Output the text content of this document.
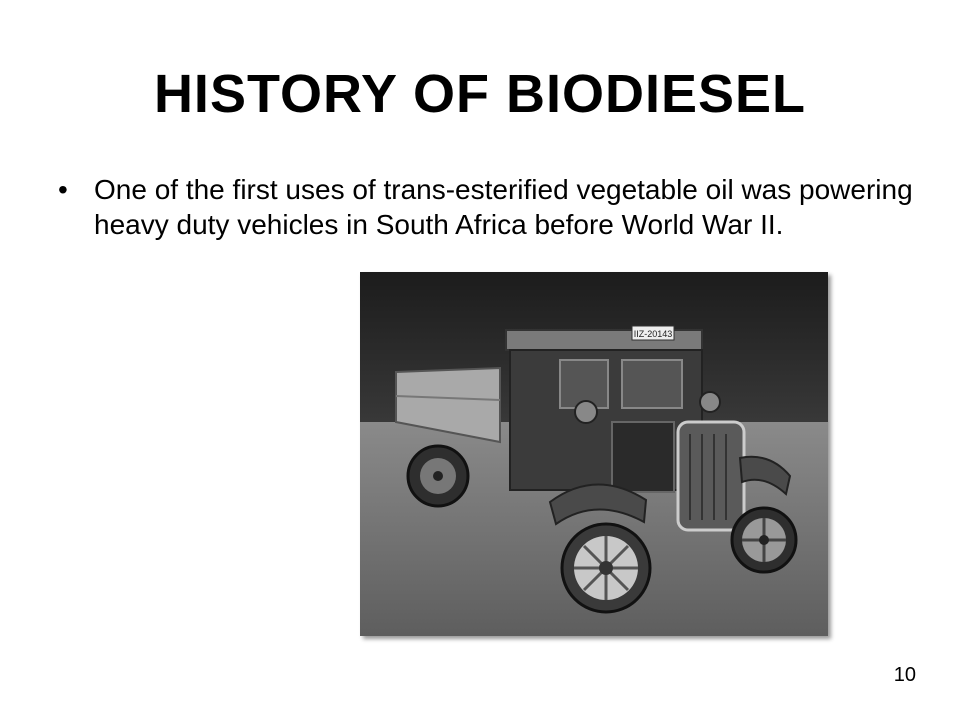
HISTORY OF BIODIESEL
• One of the first uses of trans-esterified vegetable oil was powering heavy duty vehicles in South Africa before World War II.
IIZ-20143
10
